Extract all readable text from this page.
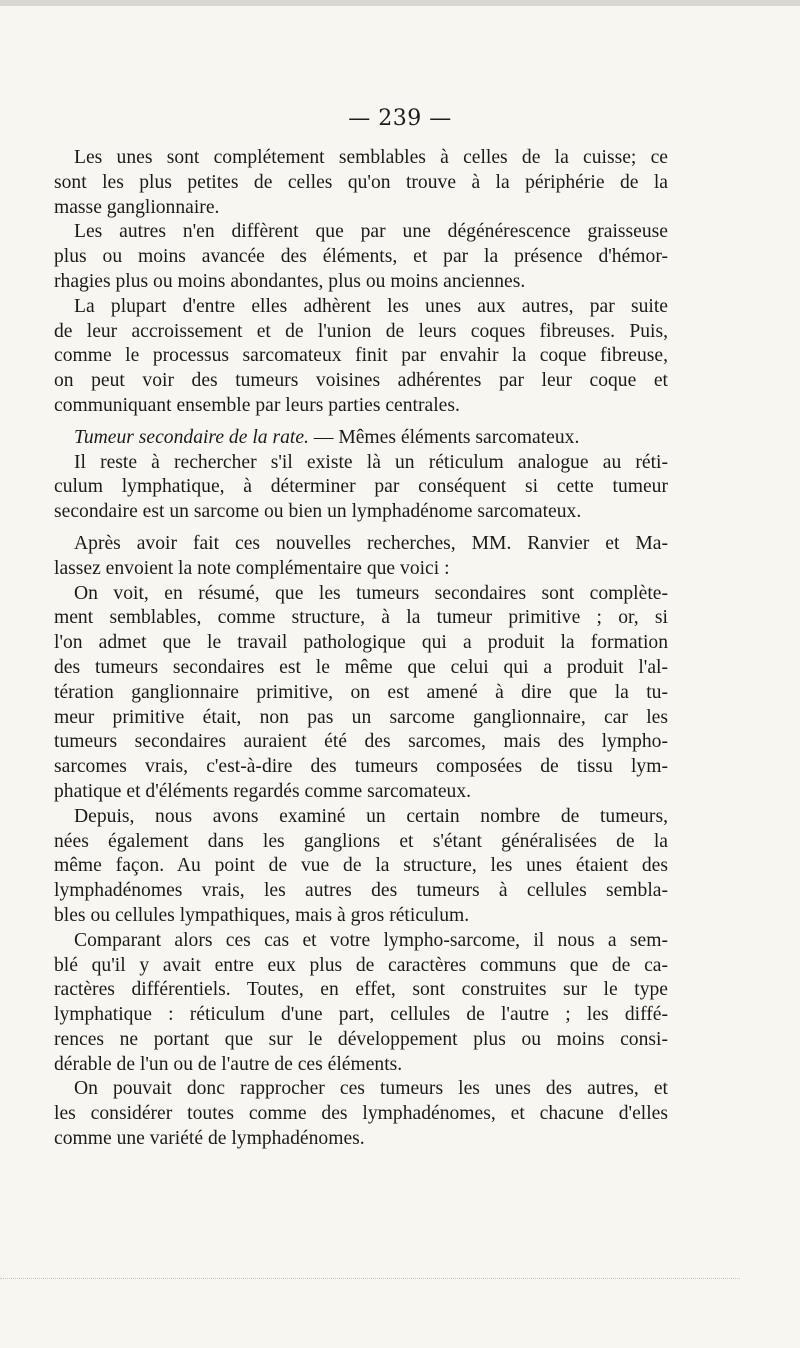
— 239 —
Les unes sont complétement semblables à celles de la cuisse; ce
sont les plus petites de celles qu'on trouve à la périphérie de la
masse ganglionnaire.
Les autres n'en diffèrent que par une dégénérescence graisseuse
plus ou moins avancée des éléments, et par la présence d'hémor-
rhagies plus ou moins abondantes, plus ou moins anciennes.
La plupart d'entre elles adhèrent les unes aux autres, par suite
de leur accroissement et de l'union de leurs coques fibreuses. Puis,
comme le processus sarcomateux finit par envahir la coque fibreuse,
on peut voir des tumeurs voisines adhérentes par leur coque et
communiquant ensemble par leurs parties centrales.
Tumeur secondaire de la rate. — Mêmes éléments sarcomateux.
Il reste à rechercher s'il existe là un réticulum analogue au réti-
culum lymphatique, à déterminer par conséquent si cette tumeur
secondaire est un sarcome ou bien un lymphadénome sarcomateux.
Après avoir fait ces nouvelles recherches, MM. Ranvier et Ma-
lassez envoient la note complémentaire que voici :
On voit, en résumé, que les tumeurs secondaires sont complète-
ment semblables, comme structure, à la tumeur primitive ; or, si
l'on admet que le travail pathologique qui a produit la formation
des tumeurs secondaires est le même que celui qui a produit l'al-
tération ganglionnaire primitive, on est amené à dire que la tu-
meur primitive était, non pas un sarcome ganglionnaire, car les
tumeurs secondaires auraient été des sarcomes, mais des lympho-
sarcomes vrais, c'est-à-dire des tumeurs composées de tissu lym-
phatique et d'éléments regardés comme sarcomateux.
Depuis, nous avons examiné un certain nombre de tumeurs,
nées également dans les ganglions et s'étant généralisées de la
même façon. Au point de vue de la structure, les unes étaient des
lymphadénomes vrais, les autres des tumeurs à cellules sembla-
bles ou cellules lympathiques, mais à gros réticulum.
Comparant alors ces cas et votre lympho-sarcome, il nous a sem-
blé qu'il y avait entre eux plus de caractères communs que de ca-
ractères différentiels. Toutes, en effet, sont construites sur le type
lymphatique : réticulum d'une part, cellules de l'autre ; les diffé-
rences ne portant que sur le développement plus ou moins consi-
dérable de l'un ou de l'autre de ces éléments.
On pouvait donc rapprocher ces tumeurs les unes des autres, et
les considérer toutes comme des lymphadénomes, et chacune d'elles
comme une variété de lymphadénomes.
